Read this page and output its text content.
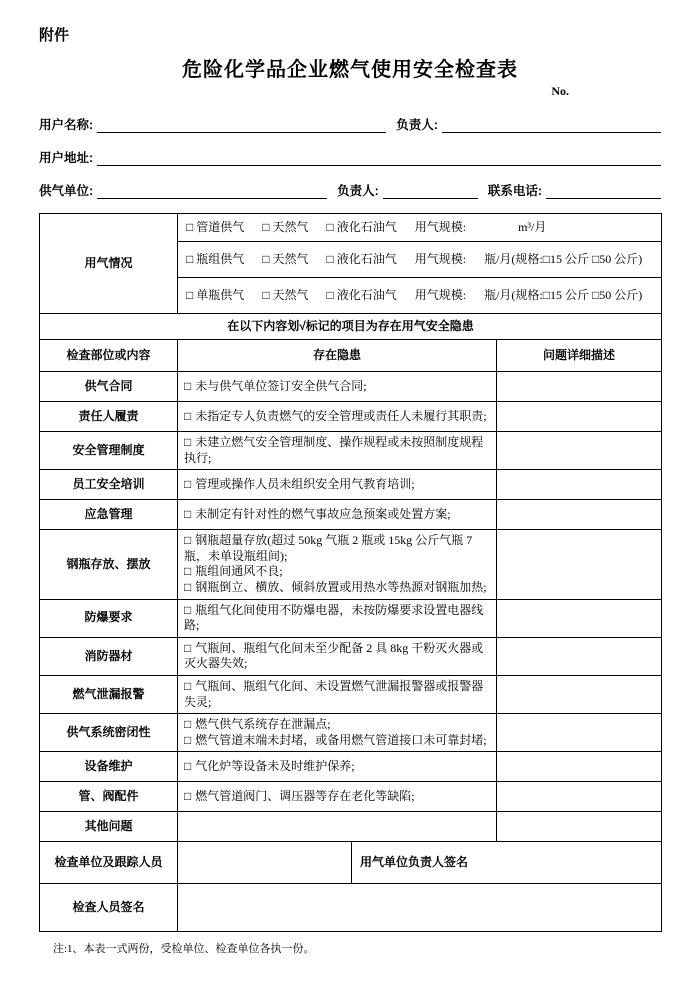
附件
危险化学品企业燃气使用安全检查表
No.
用户名称:	负责人:
用户地址:
供气单位:	负责人:	联系电话:
用气情况	□ 管道供气 □ 天然气 □ 液化石油气 用气规模: m³/月	
	□ 瓶组供气 □ 天然气 □ 液化石油气 用气规模: 瓶/月(规格:□15 公斤 □50 公斤)	
	□ 单瓶供气 □ 天然气 □ 液化石油气 用气规模: 瓶/月(规格:□15 公斤 □50 公斤)	
在以下内容划√标记的项目为存在用气安全隐患		
检查部位或内容	存在隐患	问题详细描述
供气合同	□ 未与供气单位签订安全供气合同;	

责任人履责	□ 未指定专人负责燃气的安全管理或责任人未履行其职责;	

安全管理制度	□ 未建立燃气安全管理制度、操作规程或未按照制度规程执行;	

员工安全培训	□ 管理或操作人员未组织安全用气教育培训;	

应急管理	□ 未制定有针对性的燃气事故应急预案或处置方案;	

钢瓶存放、摆放	□ 钢瓶超量存放(超过 50kg 气瓶 2 瓶或 15kg 公斤气瓶 7 瓶，未单设瓶组间);
□ 瓶组间通风不良;
□ 钢瓶倒立、横放、倾斜放置或用热水等热源对钢瓶加热;	

防爆要求	□ 瓶组气化间使用不防爆电器，未按防爆要求设置电器线路;	

消防器材	□ 气瓶间、瓶组气化间未至少配备 2 具 8kg 干粉灭火器或灭火器失效;	

燃气泄漏报警	□ 气瓶间、瓶组气化间、未设置燃气泄漏报警器或报警器失灵;	

供气系统密闭性	□ 燃气供气系统存在泄漏点;
□ 燃气管道末端未封堵，或备用燃气管道接口未可靠封堵;	

设备维护	□ 气化炉等设备未及时维护保养;	

管、阀配件	□ 燃气管道阀门、调压器等存在老化等缺陷;	

其他问题		
检查单位及跟踪人员	用气单位负责人签名	

检查人员签名		
注:1、本表一式两份，受检单位、检查单位各执一份。
